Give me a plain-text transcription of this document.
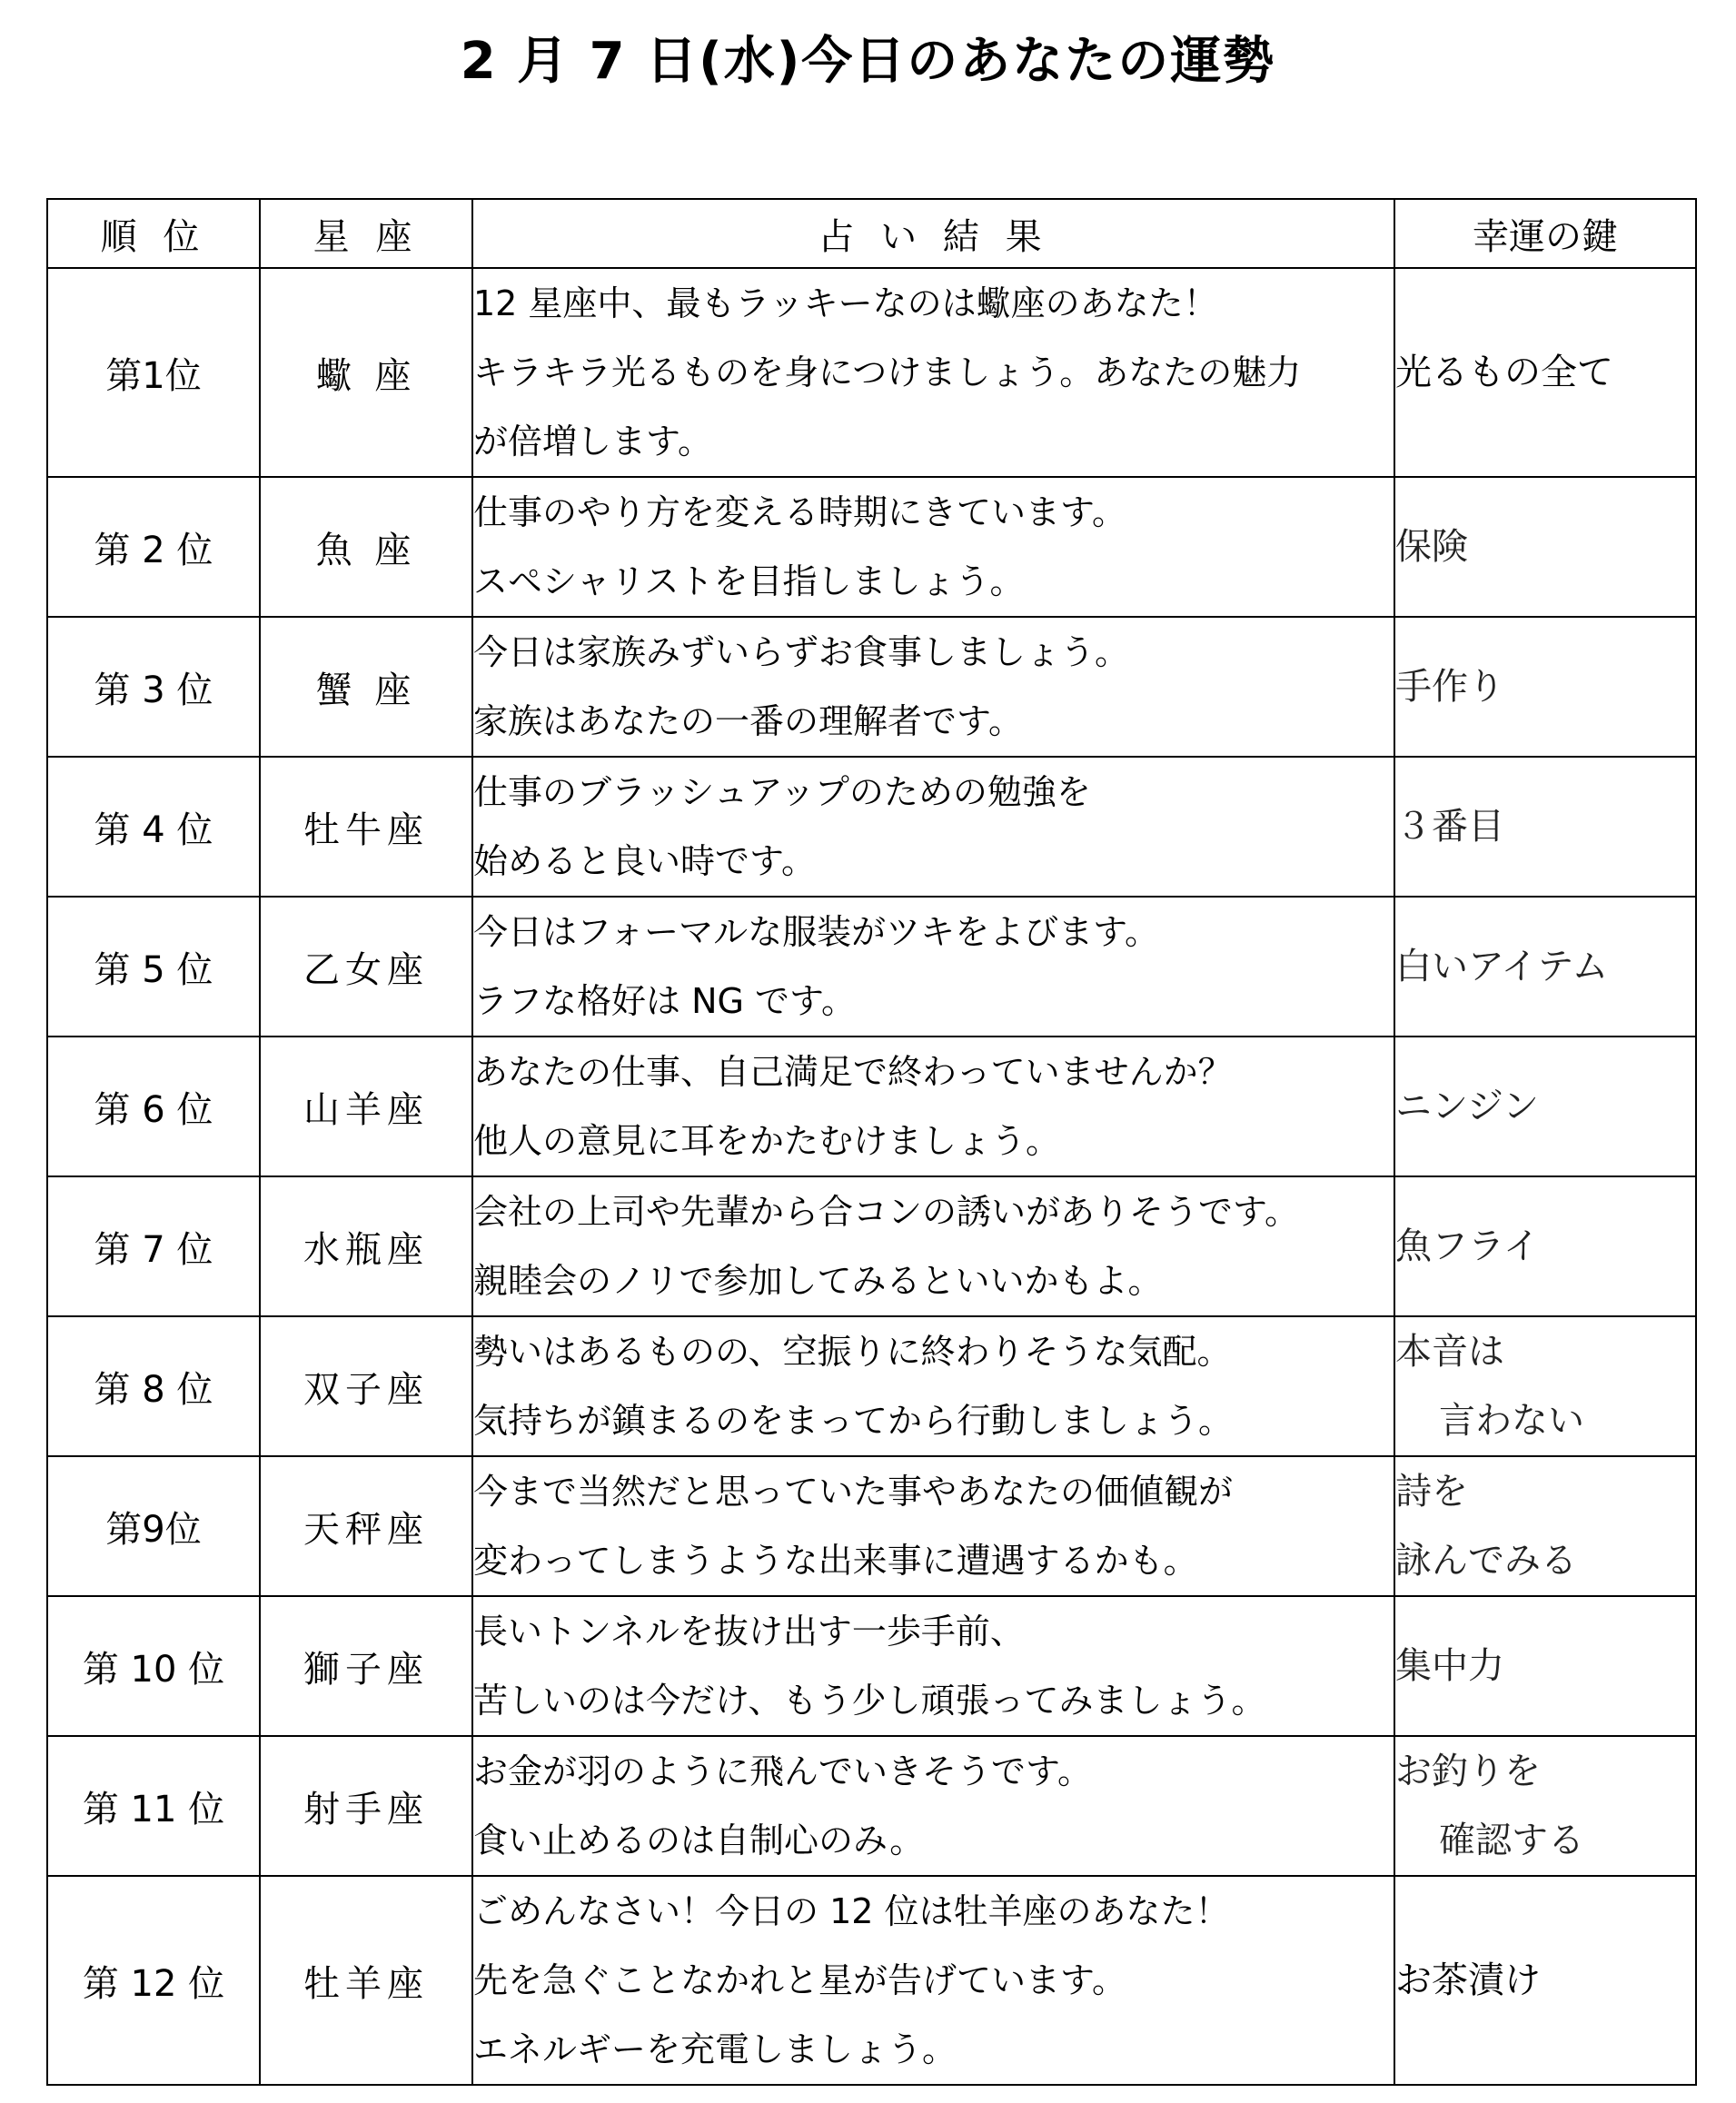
2 月 7 日(水)今日のあなたの運勢
順 位	星 座	占 い 結 果	幸運の鍵
第1位	蠍 座	12 星座中、最もラッキーなのは蠍座のあなた！
キラキラ光るものを身につけましょう。あなたの魅力
が倍増します。	光るもの全て

第 2 位	魚 座	仕事のやり方を変える時期にきています。
スペシャリストを目指しましょう。	保険

第 3 位	蟹 座	今日は家族みずいらずお食事しましょう。
家族はあなたの一番の理解者です。	手作り

第 4 位	牡牛座	仕事のブラッシュアップのための勉強を
始めると良い時です。	３番目

第 5 位	乙女座	今日はフォーマルな服装がツキをよびます。
ラフな格好は NG です。	白いアイテム

第 6 位	山羊座	あなたの仕事、自己満足で終わっていませんか？
他人の意見に耳をかたむけましょう。	ニンジン

第 7 位	水瓶座	会社の上司や先輩から合コンの誘いがありそうです。
親睦会のノリで参加してみるといいかもよ。	魚フライ

第 8 位	双子座	勢いはあるものの、空振りに終わりそうな気配。
気持ちが鎮まるのをまってから行動しましょう。	本音は
言わない

第9位	天秤座	今まで当然だと思っていた事やあなたの価値観が
変わってしまうような出来事に遭遇するかも。	詩を
詠んでみる

第 10 位	獅子座	長いトンネルを抜け出す一歩手前、
苦しいのは今だけ、もう少し頑張ってみましょう。	集中力

第 11 位	射手座	お金が羽のように飛んでいきそうです。
食い止めるのは自制心のみ。	お釣りを
確認する

第 12 位	牡羊座	ごめんなさい！今日の 12 位は牡羊座のあなた！
先を急ぐことなかれと星が告げています。
エネルギーを充電しましょう。	お茶漬け
